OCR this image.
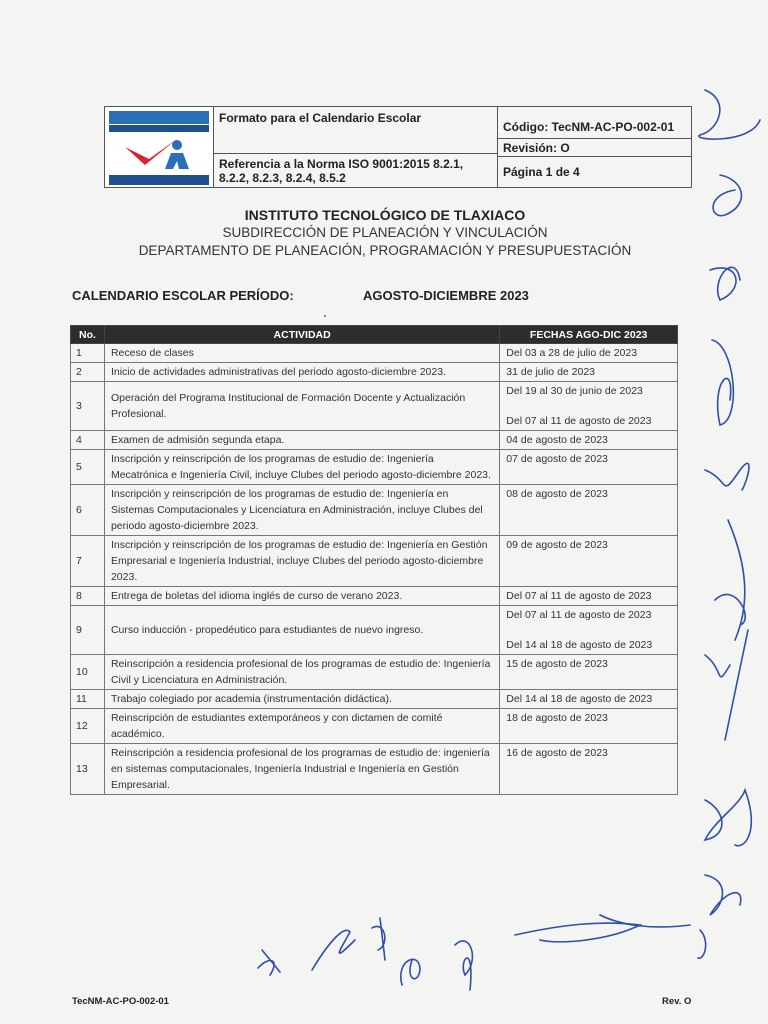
Formato para el Calendario Escolar
Referencia a la Norma ISO 9001:2015 8.2.1, 8.2.2, 8.2.3, 8.2.4, 8.5.2
Código: TecNM-AC-PO-002-01
Revisión: O
Página 1 de 4
INSTITUTO TECNOLÓGICO DE TLAXIACO
SUBDIRECCIÓN DE PLANEACIÓN Y VINCULACIÓN
DEPARTAMENTO DE PLANEACIÓN, PROGRAMACIÓN Y PRESUPUESTACIÓN
CALENDARIO ESCOLAR PERÍODO:	AGOSTO-DICIEMBRE 2023
No.	ACTIVIDAD	FECHAS AGO-DIC 2023
1	Receso de clases	Del 03 a 28 de julio de 2023

2	Inicio de actividades administrativas del periodo agosto-diciembre 2023.	31 de julio de 2023

3	Operación del Programa Institucional de Formación Docente y Actualización Profesional.	Del 19 al 30 de junio de 2023
Del 07 al 11 de agosto de 2023

4	Examen de admisión segunda etapa.	04 de agosto de 2023

5	Inscripción y reinscripción de los programas de estudio de: Ingeniería Mecatrónica e Ingeniería Civil, incluye Clubes del periodo agosto-diciembre 2023.	07 de agosto de 2023

6	Inscripción y reinscripción de los programas de estudio de: Ingeniería en Sistemas Computacionales y Licenciatura en Administración, incluye Clubes del periodo agosto-diciembre 2023.	08 de agosto de 2023

7	Inscripción y reinscripción de los programas de estudio de: Ingeniería en Gestión Empresarial e Ingeniería Industrial, incluye Clubes del periodo agosto-diciembre 2023.	09 de agosto de 2023

8	Entrega de boletas del idioma inglés de curso de verano 2023.	Del 07 al 11 de agosto de 2023

9	Curso inducción - propedéutico para estudiantes de nuevo ingreso.	Del 07 al 11 de agosto de 2023
Del 14 al 18 de agosto de 2023

10	Reinscripción a residencia profesional de los programas de estudio de: Ingeniería Civil y Licenciatura en Administración.	15 de agosto de 2023

11	Trabajo colegiado por academia (instrumentación didáctica).	Del 14 al 18 de agosto de 2023

12	Reinscripción de estudiantes extemporáneos y con dictamen de comité académico.	18 de agosto de 2023

13	Reinscripción a residencia profesional de los programas de estudio de: ingeniería en sistemas computacionales, Ingeniería Industrial e Ingeniería en Gestión Empresarial.	16 de agosto de 2023
TecNM-AC-PO-002-01	Rev. O
